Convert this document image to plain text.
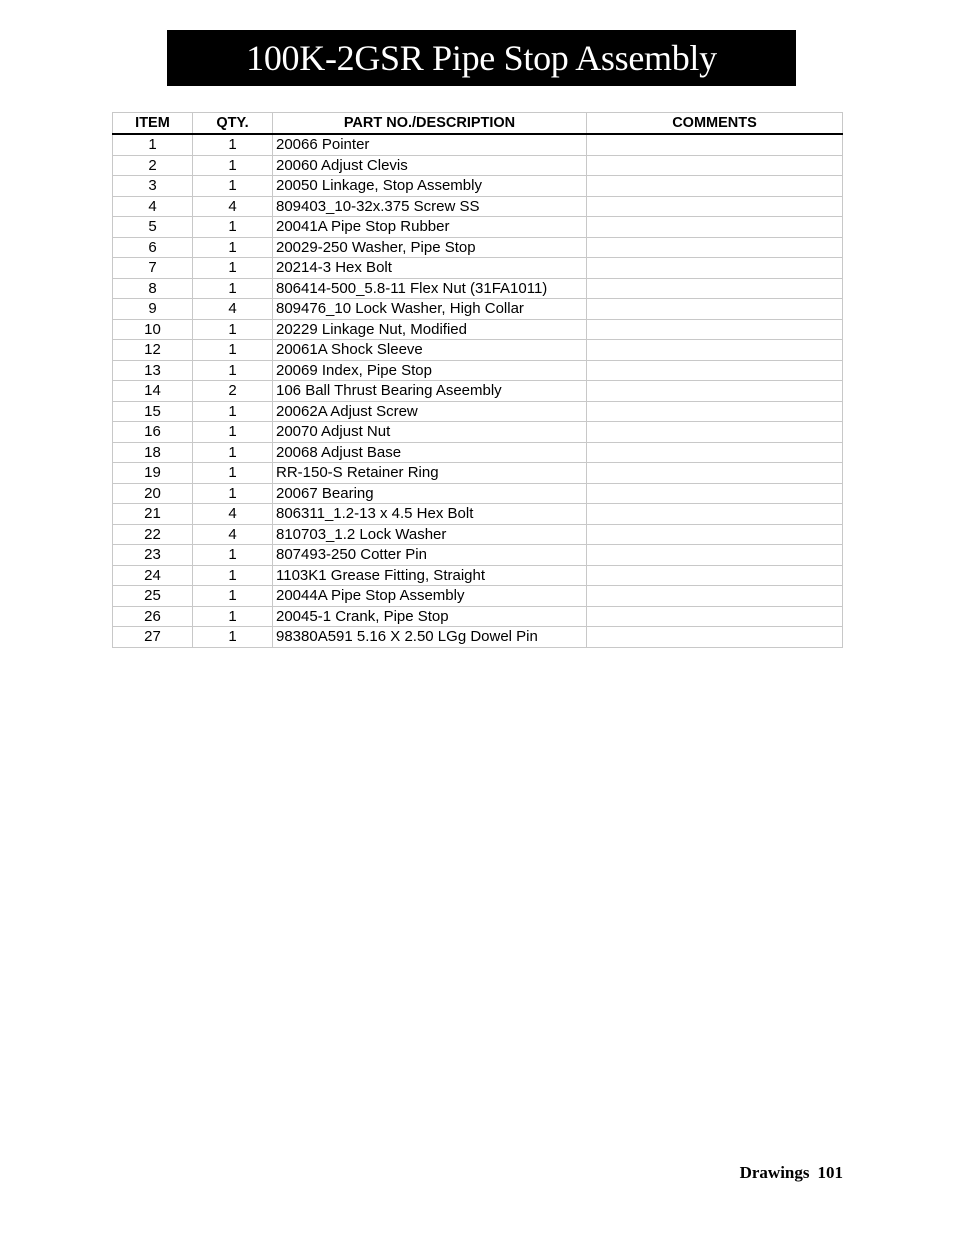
100K-2GSR Pipe Stop Assembly
ITEM	QTY.	PART NO./DESCRIPTION	COMMENTS
1	1	20066 Pointer	
2	1	20060 Adjust Clevis	
3	1	20050 Linkage, Stop Assembly	
4	4	809403_10-32x.375 Screw SS	
5	1	20041A Pipe Stop Rubber	
6	1	20029-250 Washer, Pipe Stop	
7	1	20214-3 Hex Bolt	
8	1	806414-500_5.8-11 Flex Nut (31FA1011)	
9	4	809476_10 Lock Washer, High Collar	
10	1	20229 Linkage Nut, Modified	
12	1	20061A Shock Sleeve	
13	1	20069 Index, Pipe Stop	
14	2	106 Ball Thrust Bearing Aseembly	
15	1	20062A Adjust Screw	
16	1	20070 Adjust Nut	
18	1	20068 Adjust Base	
19	1	RR-150-S Retainer Ring	
20	1	20067 Bearing	
21	4	806311_1.2-13 x 4.5 Hex Bolt	
22	4	810703_1.2 Lock Washer	
23	1	807493-250 Cotter Pin	
24	1	1103K1 Grease Fitting, Straight	
25	1	20044A Pipe Stop Assembly	
26	1	20045-1 Crank, Pipe Stop	
27	1	98380A591 5.16 X 2.50 LGg Dowel Pin	
Drawings 101
